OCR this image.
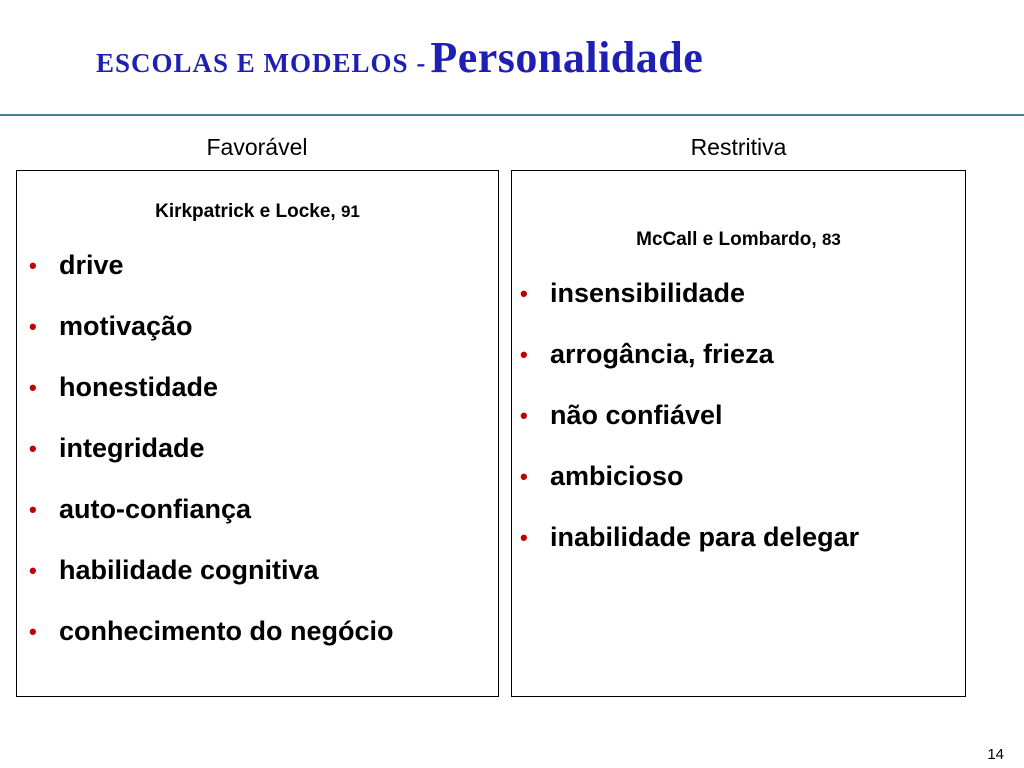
ESCOLAS E MODELOS - Personalidade
Favorável	Restritiva
Kirkpatrick e Locke, 91
• drive
• motivação
• honestidade
• integridade
• auto-confiança
• habilidade cognitiva
• conhecimento do negócio
McCall e Lombardo, 83
• insensibilidade
• arrogância, frieza
• não confiável
• ambicioso
• inabilidade para delegar
14
